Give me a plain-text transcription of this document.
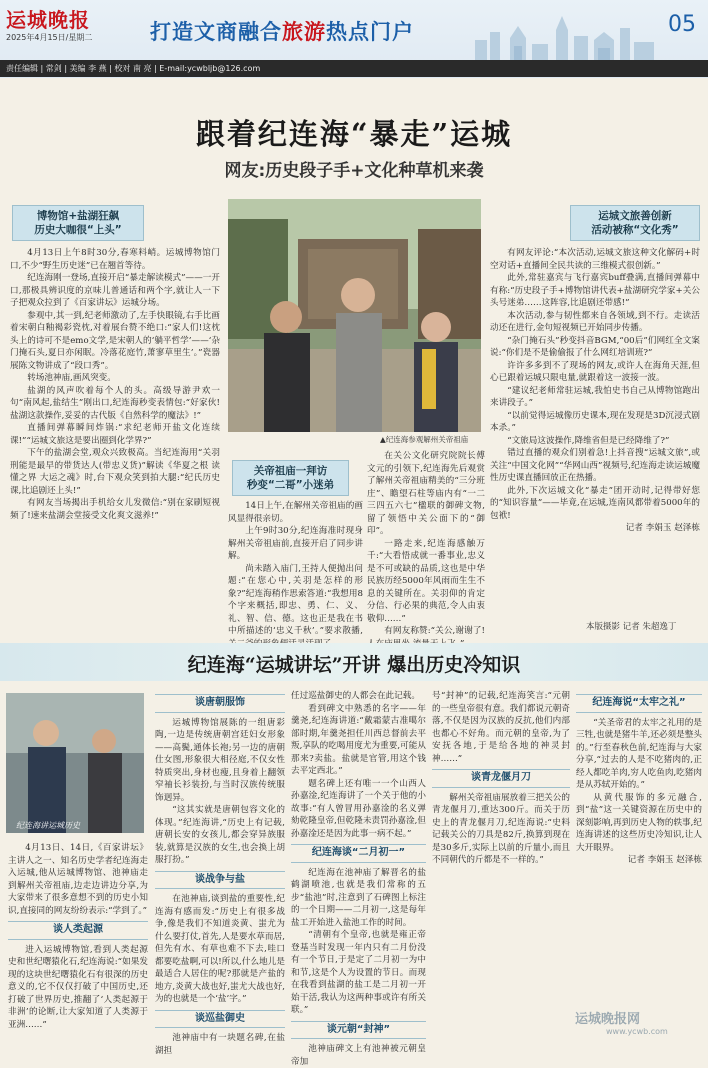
运城晚报
2025年4月15日/星期二	打造文商融合旅游热点门户	05
责任编辑 | 常剑 | 美编 李 燕 | 校对 南 亮 | E-mail:ycwbljb@126.com
跟着纪连海“暴走”运城
网友:历史段子手+文化种草机来袭
博物馆+盐湖狂飙
历史大咖很“上头”

4月13日上午8时30分,春寒料峭。运城博物馆门口,不少“野生历史迷”已在翘首等待。

纪连海刚一登场,直接开启“暴走解读模式”——一开口,那极具辨识度的京味儿普通话和两个字,就让人一下子把观众拉到了《百家讲坛》运城分场。

参观中,其一到,纪老师激动了,左手快眼镜,右手比画着宋朝白釉褐彩瓷枕,对着展台赞不绝口:“家人们!这枕头上的诗可不是emo文学,是宋朝人的‘躺平哲学’——‘杂门掩石头,夏日亦闲眠。冷落花庭竹,萧寥草里生’。”瓷器展陈文物讲成了“段口秀”。

转场池神庙,画风突变。

盐湖的风声吹着每个人的头。高级导游尹欢一句“南风起,盐结生”刚出口,纪连海秒变表情包:“好家伙!盐湖这款操作,妥妥的古代版《自然科学的魔法》!”

直播间弹幕瞬间炸锅:“求纪老师开盐文化连续课!”“运城文旅这是要出圈到化学界?”

下午的盐湖会堂,观众兴致极高。当纪连海用“关羽刑能是最早的带货达人(带忠义货)”解读《华夏之根 读懂之界 大运之魂》时,台下观众笑到拍大腿:“纪氏历史课,比追剧还上头!”

有网友当场揭出手机给女儿发微信:“别在家刷短视频了!速来盐湖会堂接受文化爽文滋养!”

▲纪连海参观解州关帝祖庙
关帝祖庙一拜访
秒变“二哥”小迷弟

14日上午,在解州关帝祖庙的画风显得很亲切。

上午9时30分,纪连海准时现身解州关帝祖庙前,直接开启了同步讲解。

尚未踏入庙门,王持人便抛出问题:“在您心中,关羽是怎样的形象?”纪连海稍作思索答道:“我想用8个字来概括,即忠、勇、仁、义、礼、智、信、德。这也正是我在书中所描述的‘忠义千秋’。”要求散播,

在关公文化研究院院长傅文元的引领下,纪连海先后观赏了解州关帝祖庙精美的“三分班庄”、瞻望石柱等庙内有“一二三四五六七”楹联的御碑文物,留了领悟中关公面下的“御印”。

一路走来,纪连海感触万千:“大看悟成就一番事业,忠义是不可或缺的品质,这也是中华民族历经5000年风雨而生生不息的关键所在。关羽仰的肯定分信、行必果的典范,令人由衷敬仰……”

有网友称赞:“关公,谢谢了!

运城文旅善创新
活动被称“文化秀”

有网友评论:“本次活动,运城文旅这种文化解码+时空对话+直播间全民共读的三维模式很创新。”

此外,常驻嘉宾与飞行嘉宾buff叠满,直播间弹幕中有称:“历史段子手+博物馆讲代表+盐湖研究学家+关公头号迷弟……这阵容,比追剧还带感!”

本次活动,参与韧性都来自各领域,到不行。走读活动还在进行,金句短视频已开始同步传播。

“杂门掩石头”秒变抖音BGM,“00后”们网红全文案说:“你们是不是偷偷报了什么网红培训班?”

许许多多到不了现场的网友,或许人在海角天涯,但心已跟着运城只限电量,就跟着这一波接一波。

“建议纪老师常驻运城,我怕史书自己从博物馆跑出来讲段子。”

“以前觉得运城像历史课本,现在发现是3D沉浸式剧本杀。”

“文旅局这波操作,降维省但是已经降维了?”

错过直播的观众们别着急!上抖音搜“运城文旅”,或关注“中国文化网”“华网山西”视频号,纪连海走读运城魔性历史课直播回放正在热播。

此外,下次运城文化“暴走”团开动时,记得带好您的“知识容量”——毕竟,在运城,连南风都带着5000年的包袱!

记者 李娟玉 赵泽栋

本版摄影 记者 朱超逸丁
纪连海“运城讲坛”开讲 爆出历史冷知识
纪连海讲运城历史

4月13日、14日,《百家讲坛》主讲人之一、知名历史学者纪连海走入运城,他从运城博物馆、池神庙走到解州关帝祖庙,边走边讲边分享,为大家带来了很多意想不到的历史小知识,直接同的网友纷纷表示:“学到了。”

谈人类起源

进入运城博物馆,看到人类起源史和世纪曙猿化石,纪连海说:“如果发现的这块世纪曙猿化石有很深的历史意义的,它不仅仅打破了中国历史,还打破了世界历史,推翻了‘人类起源于非洲’的论断,让大家知道了人类源于亚洲……”

谈唐朝服饰

运城博物馆展陈的一组唐彩陶,一边是传统唐朝宫廷妇女形象——高鬓,通体长袍;另一边的唐朝仕女图,形象很大相径庭,不仅女性特质突出,身材也瘦,且身着上翻领窄袖长衫装扮,与当时汉族传统服饰迥异。

“这其实就是唐朝包容文化的体现。”纪连海讲,“历史上有记载,唐朝长安的女孩儿,都会穿异族服装,就算是汉族的女生,也会换上胡服打扮。”

谈战争与盐

在池神庙,谈到盐的重要性,纪连海有感而发:“历史上有很多战争,像是我们不知道炎黄、蚩尤为什么要打仗,首先,人是要水草而居,但先有水、有草也难不下去,哇口都要吃盐啊,可以!所以,什么地儿是最适合人居住的呢?那就是产盐的地方,炎黄大战也好,蚩尤大战也好,为的也就是一个‘盐’字。”

谈巡盐御史

池神庙中有一块题名碑,在盐湖担

任过巡盐御史的人都会在此记载。

看到碑文中熟悉的名字——年羹尧,纪连海讲道:“戴霜蒙古准噶尔部时期,年羹尧担任川西总督前去平叛,享队的吃喝用度尤为重要,可能从那来?卖盐。盐就是官管,用这个钱去平定西北。”

题名碑上还有唯一一个山西人孙嘉淦,纪连海讲了一个关于他的小故事:“有人曾冒用孙嘉淦的名义弹劾乾隆皇帝,但乾隆未责罚孙嘉淦,但孙嘉淦还是因为此事一病不起。”

纪连海谈“二月初一”

纪连海在池神庙了解晋名的盐鹤湖喷池,也就是我们常称的五步“盐池”时,注意到了石碑图上标注的一个日期——二月初一,这是每年盐工开始进入盐池工作的时间。

“清朝有个皇帝,也就是雍正帝登基当时发现一年内只有二月份没有一个节日,于是定了二月初一为中和节,这是个人为设置的节日。而现在我看到盐湖的盐工是二月初一开始干活,我认为这两种事或许有所关联。”

谈元朝“封神”

池神庙碑文上有池神被元朝皇帝加

号“封神”的记载,纪连海笑言:“元朝的一些皇帝很有意。我们都说元朝奇落,不仅是因为汉族的反抗,他们内部也都心不好角。而元朝的皇帝,为了安抚各地,于是给各地的神灵封神……”

谈青龙偃月刀

解州关帝祖庙展放着三把关公的青龙偃月刀,重达300斤。而关于历史上的青龙偃月刀,纪连海说:“史料记载关公的刀具是82斤,换算到现在是30多斤,实际上以前的斤量小,而且不同朝代的斤都是不一样的。”

纪连海说“太牢之礼”

“关圣帝君的太牢之礼用的是三牲,也就是猪牛羊,还必须是整头的。”行至春秋色前,纪连海与大家分享,“过去的人是不吃猪肉的,正经人都吃羊肉,穷人吃鱼肉,吃猪肉是从苏轼开始的。”

从黄代服饰的多元融合,到“盐”这一关键资源在历史中的深刻影响,再到历史人物的轶事,纪连海讲述的这些历史冷知识,让人大开眼界。

记者 李娟玉 赵泽栋

运城晚报网
www.ycwb.com
